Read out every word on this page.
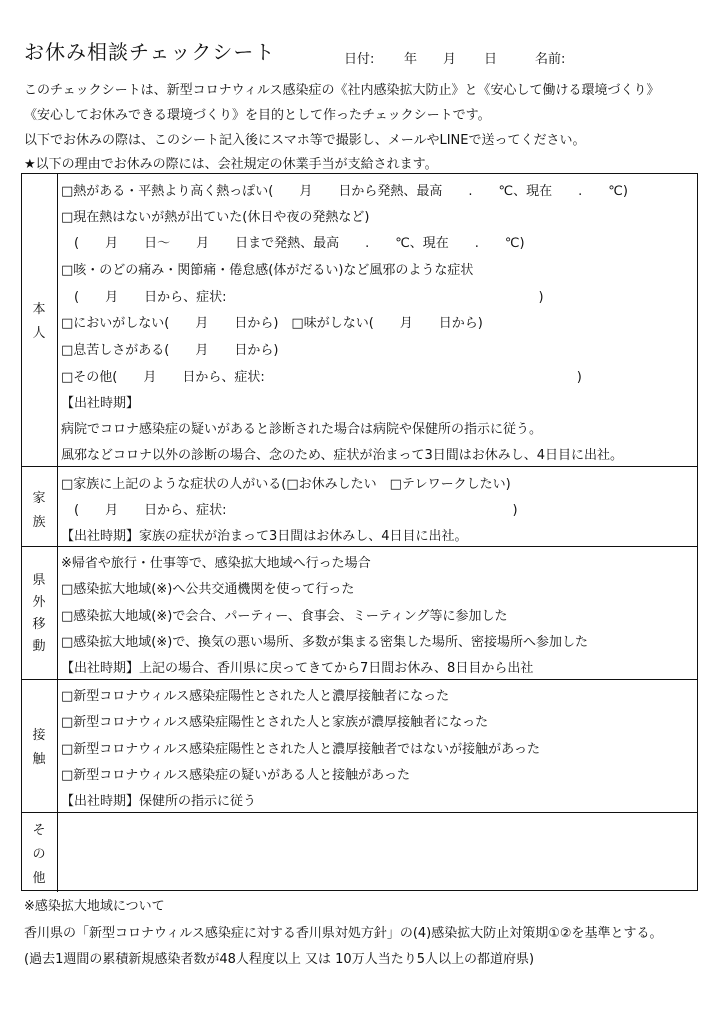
お休み相談チェックシート	日付: 年 月 日	名前:
このチェックシートは、新型コロナウィルス感染症の《社内感染拡大防止》と《安心して働ける環境づくり》
《安心してお休みできる環境づくり》を目的として作ったチェックシートです。
以下でお休みの際は、このシート記入後にスマホ等で撮影し、メールやLINEで送ってください。
★以下の理由でお休みの際には、会社規定の休業手当が支給されます。
本
人
□熱がある・平熱より高く熱っぽい(　　月　　日から発熱、最高　　.　　℃、現在　　.　　℃)
□現在熱はないが熱が出ていた(休日や夜の発熱など)
(　　月　　日〜　　月　　日まで発熱、最高　　.　　℃、現在　　.　　℃)
□咳・のどの痛み・関節痛・倦怠感(体がだるい)など風邪のような症状
(　　月　　日から、症状:　　　　　　　　　　　　　　　　　　　　　　　　)
□においがしない(　　月　　日から)　□味がしない(　　月　　日から)
□息苦しさがある(　　月　　日から)
□その他(　　月　　日から、症状:　　　　　　　　　　　　　　　　　　　　　　　　)
【出社時期】
病院でコロナ感染症の疑いがあると診断された場合は病院や保健所の指示に従う。
風邪などコロナ以外の診断の場合、念のため、症状が治まって3日間はお休みし、4日目に出社。
家
族
□家族に上記のような症状の人がいる(□お休みしたい　□テレワークしたい)
(　　月　　日から、症状:　　　　　　　　　　　　　　　　　　　　　　)
【出社時期】家族の症状が治まって3日間はお休みし、4日目に出社。
県
外
移
動
※帰省や旅行・仕事等で、感染拡大地域へ行った場合
□感染拡大地域(※)へ公共交通機関を使って行った
□感染拡大地域(※)で会合、パーティー、食事会、ミーティング等に参加した
□感染拡大地域(※)で、換気の悪い場所、多数が集まる密集した場所、密接場所へ参加した
【出社時期】上記の場合、香川県に戻ってきてから7日間お休み、8日目から出社
接
触
□新型コロナウィルス感染症陽性とされた人と濃厚接触者になった
□新型コロナウィルス感染症陽性とされた人と家族が濃厚接触者になった
□新型コロナウィルス感染症陽性とされた人と濃厚接触者ではないが接触があった
□新型コロナウィルス感染症の疑いがある人と接触があった
【出社時期】保健所の指示に従う
そ
の
他
※感染拡大地域について
香川県の「新型コロナウィルス感染症に対する香川県対処方針」の(4)感染拡大防止対策期①②を基準とする。
(過去1週間の累積新規感染者数が48人程度以上 又は 10万人当たり5人以上の都道府県)
